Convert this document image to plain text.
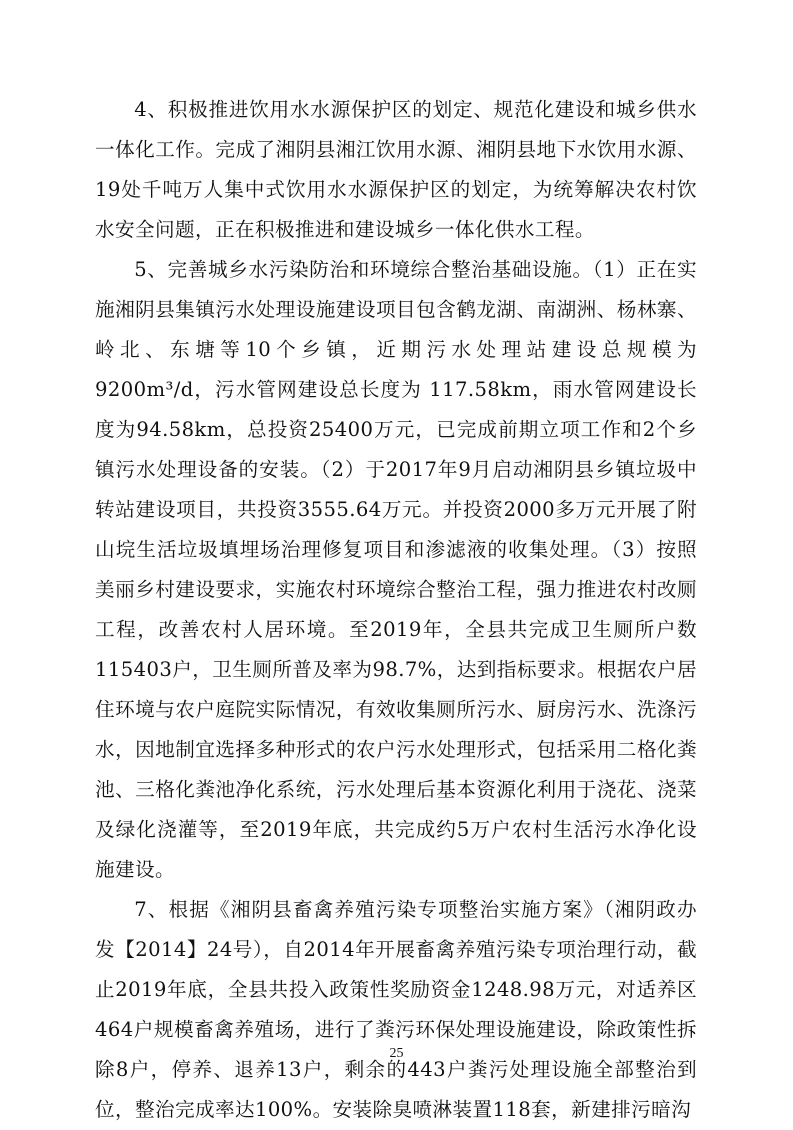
4、积极推进饮用水水源保护区的划定、规范化建设和城乡供水一体化工作。完成了湘阴县湘江饮用水源、湘阴县地下水饮用水源、19处千吨万人集中式饮用水水源保护区的划定，为统筹解决农村饮水安全问题，正在积极推进和建设城乡一体化供水工程。

5、完善城乡水污染防治和环境综合整治基础设施。（1）正在实施湘阴县集镇污水处理设施建设项目包含鹤龙湖、南湖洲、杨林寨、岭北、东塘等10个乡镇，近期污水处理站建设总规模为9200m³/d，污水管网建设总长度为 117.58km，雨水管网建设长度为94.58km，总投资25400万元，已完成前期立项工作和2个乡镇污水处理设备的安装。（2）于2017年9月启动湘阴县乡镇垃圾中转站建设项目，共投资3555.64万元。并投资2000多万元开展了附山垸生活垃圾填埋场治理修复项目和渗滤液的收集处理。（3）按照美丽乡村建设要求，实施农村环境综合整治工程，强力推进农村改厕工程，改善农村人居环境。至2019年，全县共完成卫生厕所户数115403户，卫生厕所普及率为98.7%，达到指标要求。根据农户居住环境与农户庭院实际情况，有效收集厕所污水、厨房污水、洗涤污水，因地制宜选择多种形式的农户污水处理形式，包括采用二格化粪池、三格化粪池净化系统，污水处理后基本资源化利用于浇花、浇菜及绿化浇灌等，至2019年底，共完成约5万户农村生活污水净化设施建设。

7、根据《湘阴县畜禽养殖污染专项整治实施方案》（湘阴政办发【2014】24号），自2014年开展畜禽养殖污染专项治理行动，截止2019年底，全县共投入政策性奖励资金1248.98万元，对适养区464户规模畜禽养殖场，进行了粪污环保处理设施建设，除政策性拆除8户，停养、退养13户，剩余的443户粪污处理设施全部整治到位，整治完成率达100%。安装除臭喷淋装置118套，新建排污暗沟

25
